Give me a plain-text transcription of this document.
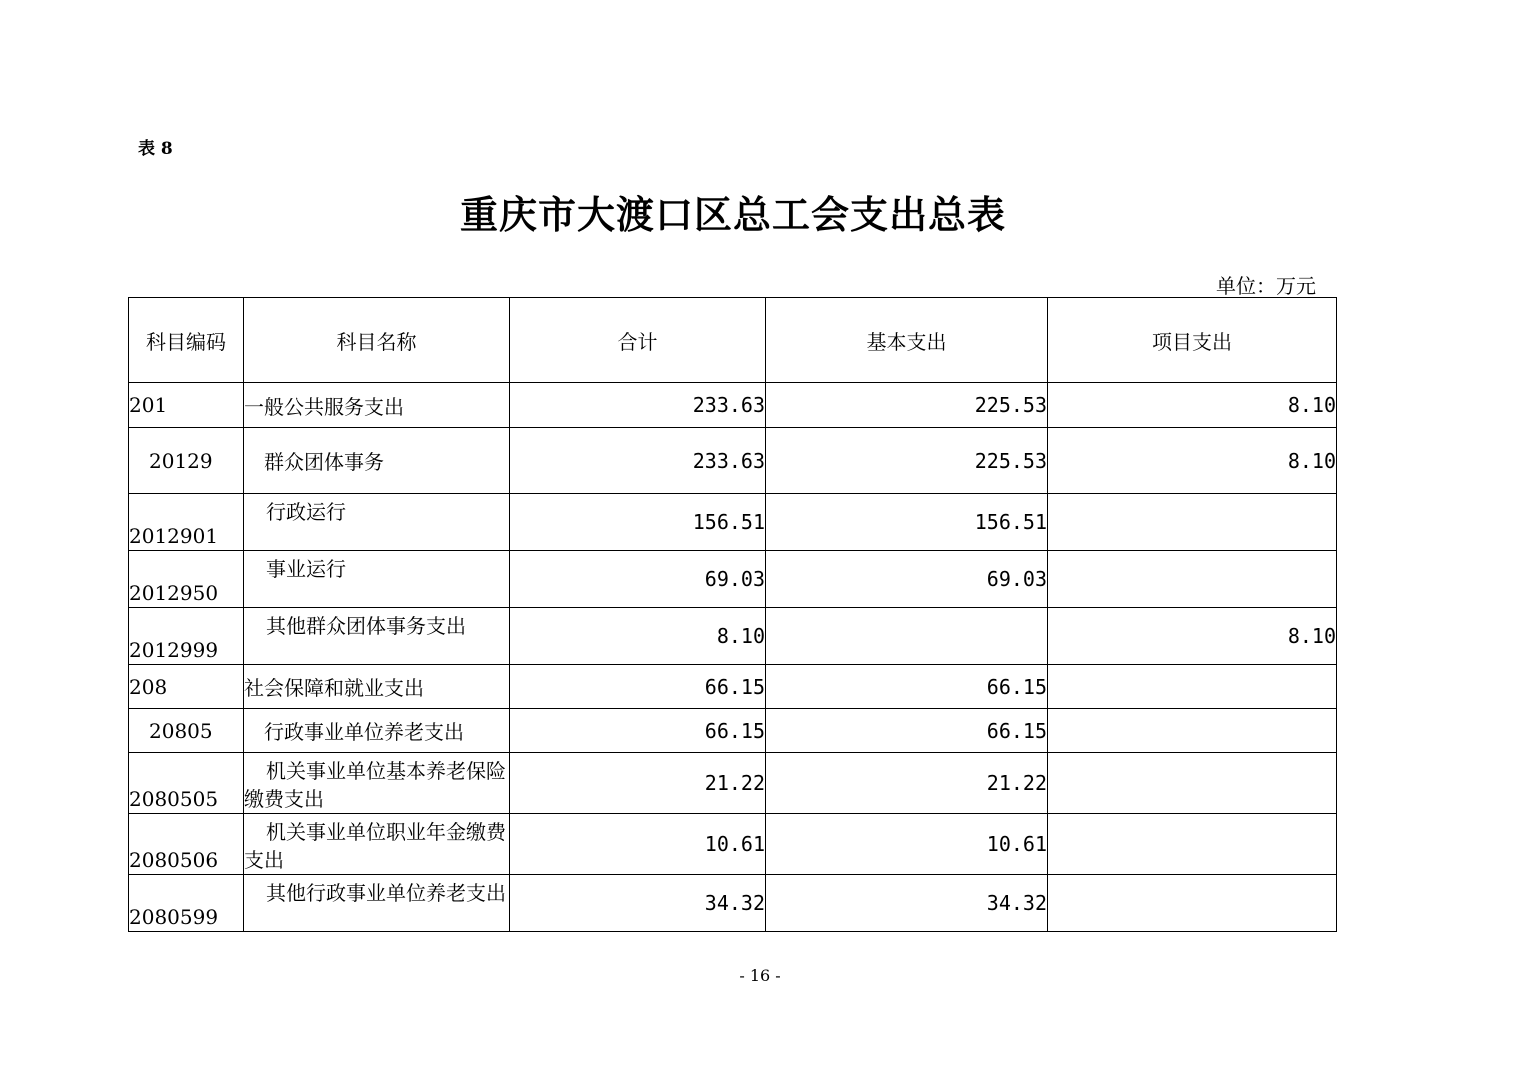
表 8
重庆市大渡口区总工会支出总表
单位：万元
科目编码	科目名称	合计	基本支出	项目支出
201	一般公共服务支出	233.63	225.53	8.10
20129	群众团体事务	233.63	225.53	8.10
2012901	行政运行	156.51	156.51	
2012950	事业运行	69.03	69.03	
2012999	其他群众团体事务支出	8.10		8.10
208	社会保障和就业支出	66.15	66.15	
20805	行政事业单位养老支出	66.15	66.15	
2080505	机关事业单位基本养老保险缴费支出	21.22	21.22	
2080506	机关事业单位职业年金缴费支出	10.61	10.61	
2080599	其他行政事业单位养老支出	34.32	34.32	
- 16 -
